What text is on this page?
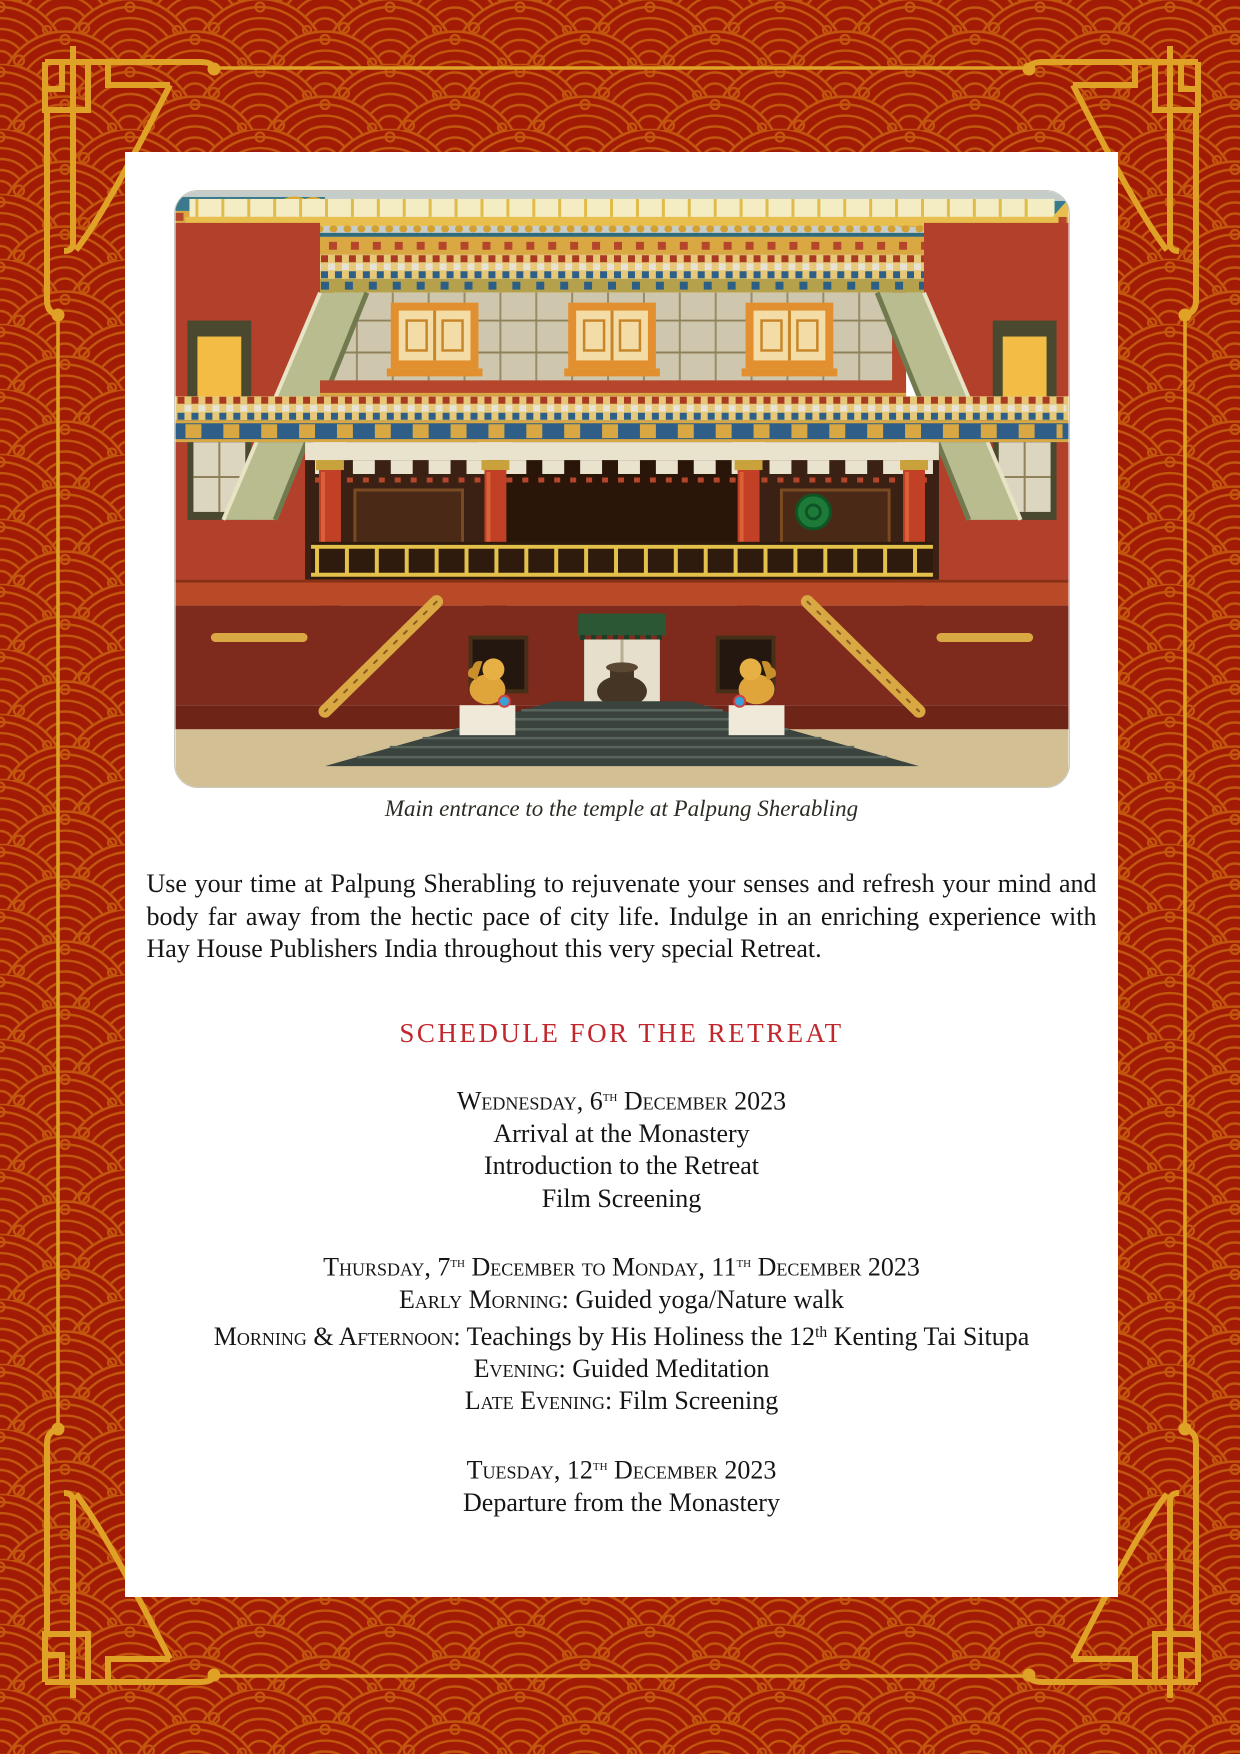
Main entrance to the temple at Palpung Sherabling

Use your time at Palpung Sherabling to rejuvenate your senses and refresh your mind and body far away from the hectic pace of city life. Indulge in an enriching experience with Hay House Publishers India throughout this very special Retreat.

SCHEDULE FOR THE RETREAT
Wednesday, 6th December 2023
Arrival at the Monastery
Introduction to the Retreat
Film Screening
Thursday, 7th December to Monday, 11th December 2023
Early Morning: Guided yoga/Nature walk
Morning & Afternoon: Teachings by His Holiness the 12th Kenting Tai Situpa
Evening: Guided Meditation
Late Evening: Film Screening
Tuesday, 12th December 2023
Departure from the Monastery
